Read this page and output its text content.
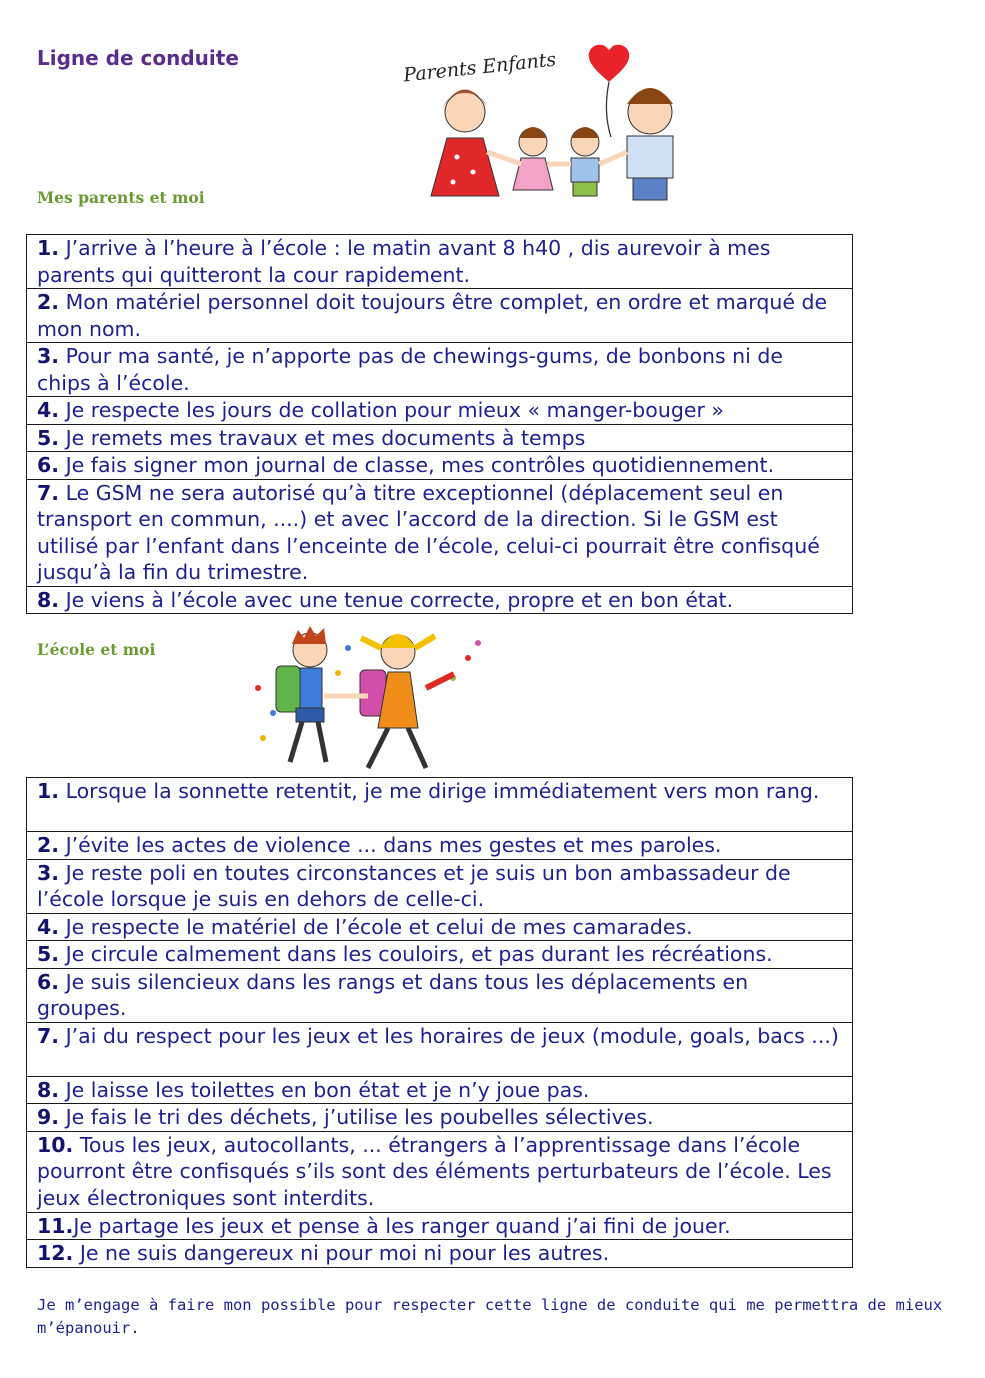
Ligne de conduite	Parents Enfants

Mes parents et moi

1. J’arrive à l’heure à l’école : le matin avant 8 h40 , dis aurevoir à mes parents qui quitteront la cour rapidement.
2. Mon matériel personnel doit toujours être complet, en ordre et marqué de mon nom.
3. Pour ma santé, je n’apporte pas de chewings-gums, de bonbons ni de chips à l’école.
4. Je respecte les jours de collation pour mieux « manger-bouger »
5. Je remets mes travaux et mes documents à temps
6. Je fais signer mon journal de classe, mes contrôles quotidiennement.
7. Le GSM ne sera autorisé qu’à titre exceptionnel (déplacement seul en transport en commun, ....) et avec l’accord de la direction. Si le GSM est utilisé par l’enfant dans l’enceinte de l’école, celui-ci pourrait être confisqué jusqu’à la fin du trimestre.
8. Je viens à l’école avec une tenue correcte, propre et en bon état.

L’école et moi

1. Lorsque la sonnette retentit, je me dirige immédiatement vers mon rang.
2. J’évite les actes de violence ... dans mes gestes et mes paroles.
3. Je reste poli en toutes circonstances et je suis un bon ambassadeur de l’école lorsque je suis en dehors de celle-ci.
4. Je respecte le matériel de l’école et celui de mes camarades.
5. Je circule calmement dans les couloirs, et pas durant les récréations.
6. Je suis silencieux dans les rangs et dans tous les déplacements en groupes.
7. J’ai du respect pour les jeux et les horaires de jeux (module, goals, bacs ...)
8. Je laisse les toilettes en bon état et je n’y joue pas.
9. Je fais le tri des déchets, j’utilise les poubelles sélectives.
10. Tous les jeux, autocollants, ... étrangers à l’apprentissage dans l’école pourront être confisqués s’ils sont des éléments perturbateurs de l’école. Les jeux électroniques sont interdits.
11.Je partage les jeux et pense à les ranger quand j’ai fini de jouer.
12. Je ne suis dangereux ni pour moi ni pour les autres.

Je m’engage à faire mon possible pour respecter cette ligne de conduite qui me permettra de mieux m’épanouir.
